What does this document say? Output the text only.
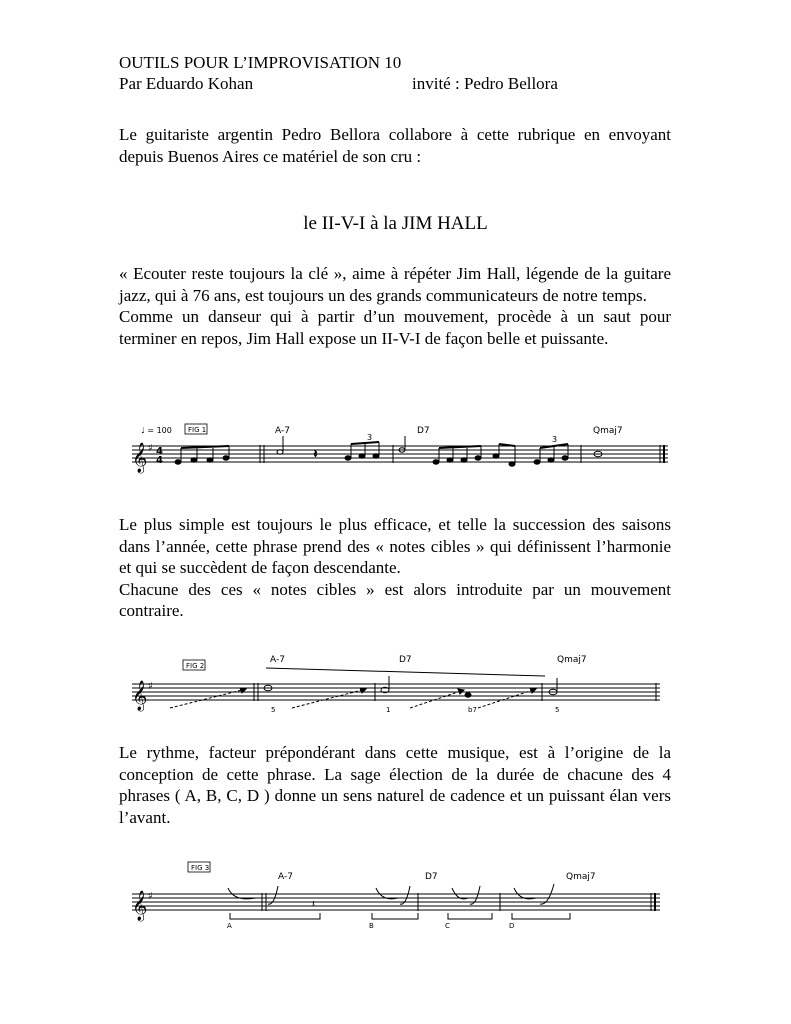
OUTILS POUR L’IMPROVISATION 10
Par Eduardo Kohan	invité : Pedro Bellora

Le guitariste argentin Pedro Bellora collabore à cette rubrique en envoyant depuis Buenos Aires ce matériel de son cru :

le II-V-I à la JIM HALL

« Ecouter reste toujours la clé », aime à répéter Jim Hall, légende de la guitare jazz, qui à 76 ans, est toujours un des grands communicateurs de notre temps.

Comme un danseur qui à partir d’un mouvement, procède à un saut pour terminer en repos, Jim Hall expose un II-V-I de façon belle et puissante.

𝄞 ♯ 4
4
♩ = 100 FIG 1	A-7	D7	Qmaj7
3	3
𝄽
𝄞 ♯
FIG 2
A-7	D7	Qmaj7
5	1	b7	5
𝄞 ♯
FIG 3
A-7	D7	Qmaj7
𝄽
A	B	C	D

Le plus simple est toujours le plus efficace, et telle la succession des saisons dans l’année, cette phrase prend des « notes cibles » qui définissent l’harmonie et qui se succèdent de façon descendante.

Chacune des ces « notes cibles » est alors introduite par un mouvement contraire.

Le rythme, facteur prépondérant dans cette musique, est à l’origine de la conception de cette phrase. La sage élection de la durée de chacune des 4 phrases ( A, B, C, D ) donne un sens naturel de cadence et un puissant élan vers l’avant.
